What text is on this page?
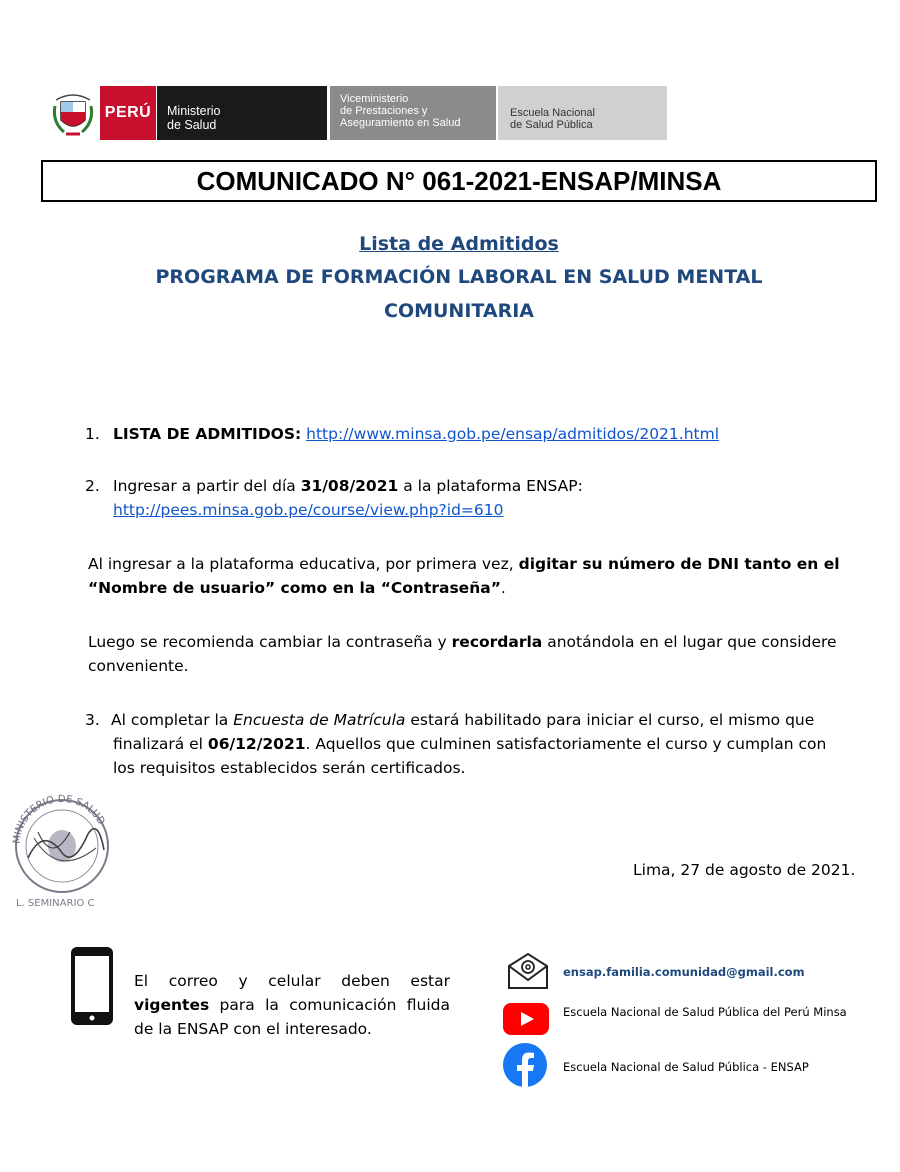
PERÚ Ministerio
de Salud
Viceministerio
de Prestaciones y
Aseguramiento en Salud
Escuela Nacional
de Salud Pública
COMUNICADO N° 061-2021-ENSAP/MINSA
Lista de Admitidos
PROGRAMA DE FORMACIÓN LABORAL EN SALUD MENTAL
COMUNITARIA
1. LISTA DE ADMITIDOS: http://www.minsa.gob.pe/ensap/admitidos/2021.html
2. Ingresar a partir del día 31/08/2021 a la plataforma ENSAP:
http://pees.minsa.gob.pe/course/view.php?id=610
Al ingresar a la plataforma educativa, por primera vez, digitar su número de DNI tanto en el
“Nombre de usuario” como en la “Contraseña”.
Luego se recomienda cambiar la contraseña y recordarla anotándola en el lugar que considere
conveniente.
3. Al completar la Encuesta de Matrícula estará habilitado para iniciar el curso, el mismo que
finalizará el 06/12/2021. Aquellos que culminen satisfactoriamente el curso y cumplan con
los requisitos establecidos serán certificados.
MINISTERIO DE SALUD
L. SEMINARIO C
Lima, 27 de agosto de 2021.
El correo y celular deben estar vigentes para la comunicación fluida de la ENSAP con el interesado.
ensap.familia.comunidad@gmail.com
Escuela Nacional de Salud Pública del Perú Minsa
Escuela Nacional de Salud Pública - ENSAP
